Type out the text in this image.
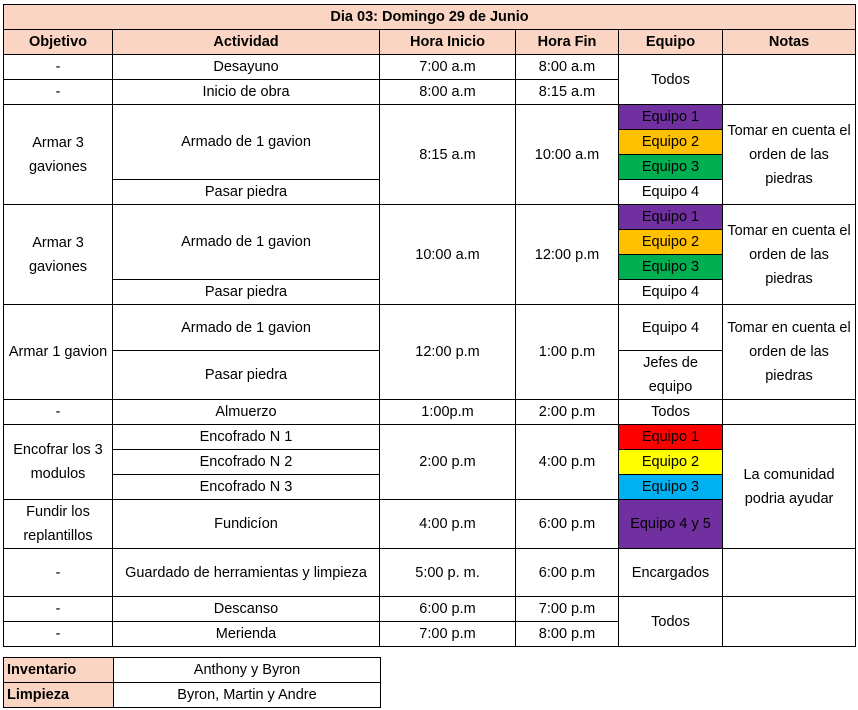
Dia 03: Domingo 29 de Junio					
Objetivo	Actividad	Hora Inicio	Hora Fin	Equipo	Notas
-	Desayuno	7:00 a.m	8:00 a.m	Todos	
-	Inicio de obra	8:00 a.m	8:15 a.m		
Armar 3 gaviones	Armado de 1 gavion	8:15 a.m	10:00 a.m	Equipo 1	Tomar en cuenta el orden de las piedras
				Equipo 2	
				Equipo 3	
	Pasar piedra			Equipo 4	
Armar 3 gaviones	Armado de 1 gavion	10:00 a.m	12:00 p.m	Equipo 1	Tomar en cuenta el orden de las piedras
				Equipo 2	
				Equipo 3	
	Pasar piedra			Equipo 4	
Armar 1 gavion	Armado de 1 gavion	12:00 p.m	1:00 p.m	Equipo 4	Tomar en cuenta el orden de las piedras
	Pasar piedra			Jefes de equipo	
-	Almuerzo	1:00p.m	2:00 p.m	Todos	
Encofrar los 3 modulos	Encofrado N 1	2:00 p.m	4:00 p.m	Equipo 1	La comunidad podria ayudar
	Encofrado N 2			Equipo 2	
	Encofrado N 3			Equipo 3	
Fundir los replantillos	Fundicíon	4:00 p.m	6:00 p.m	Equipo 4 y 5	

-	Guardado de herramientas y limpieza	5:00 p. m.	6:00 p.m	Encargados	
-	Descanso	6:00 p.m	7:00 p.m	Todos	
-	Merienda	7:00 p.m	8:00 p.m		
Inventario	Anthony y Byron
Limpieza	Byron, Martin y Andre
